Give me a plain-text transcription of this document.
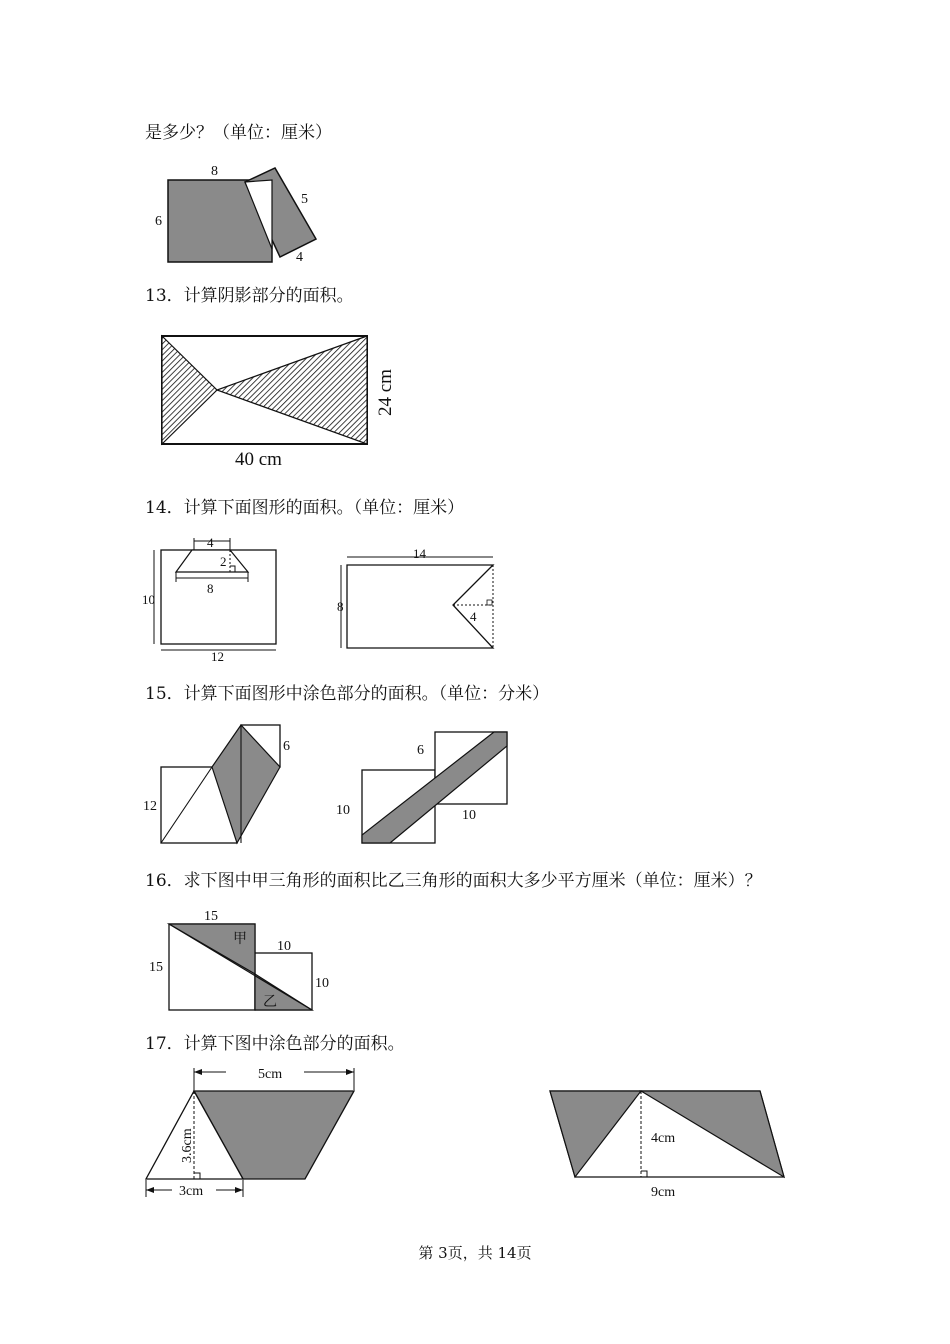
是多少？（单位：厘米）
8
6
5
4
13．计算阴影部分的面积。
40 cm
24 cm
14．计算下面图形的面积。（单位：厘米）
4
2
8
10
12
14
8
4
15．计算下面图形中涂色部分的面积。（单位：分米）
6
12
6
10	10
16．求下图中甲三角形的面积比乙三角形的面积大多少平方厘米（单位：厘米）？
15
15
10
10
甲
乙
17．计算下图中涂色部分的面积。
5cm
3.6cm
3cm
4cm
9cm
第 3页，共 14页
